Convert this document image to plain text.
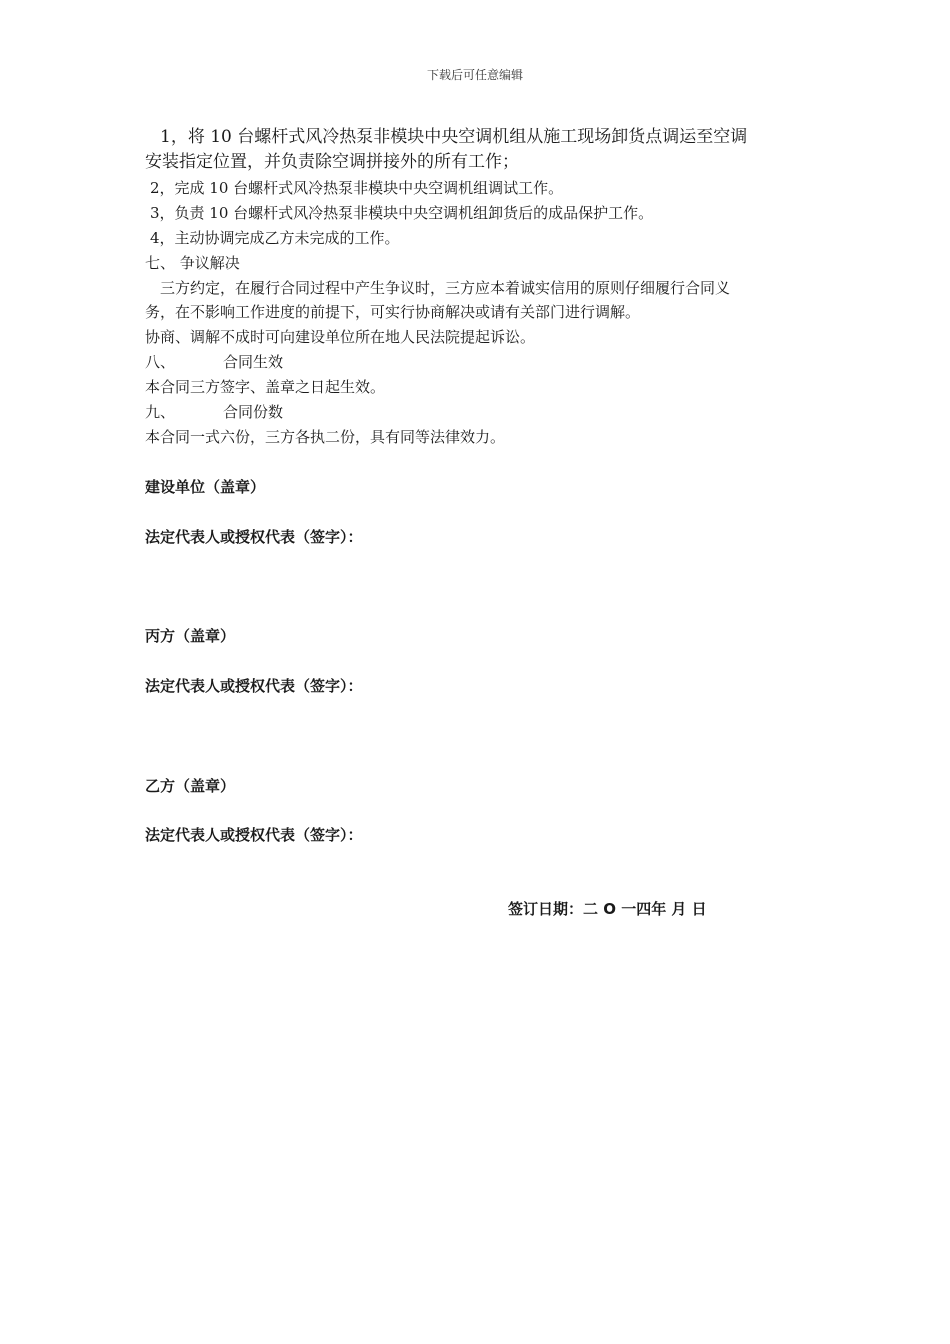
下载后可任意编辑
1，将 10 台螺杆式风冷热泵非模块中央空调机组从施工现场卸货点调运至空调
安装指定位置，并负责除空调拼接外的所有工作；
2，完成 10 台螺杆式风冷热泵非模块中央空调机组调试工作。
3，负责 10 台螺杆式风冷热泵非模块中央空调机组卸货后的成品保护工作。
4，主动协调完成乙方未完成的工作。
七、 争议解决
三方约定，在履行合同过程中产生争议时，三方应本着诚实信用的原则仔细履行合同义
务，在不影响工作进度的前提下，可实行协商解决或请有关部门进行调解。
协商、调解不成时可向建设单位所在地人民法院提起诉讼。
八、	合同生效
本合同三方签字、盖章之日起生效。
九、	合同份数
本合同一式六份，三方各执二份，具有同等法律效力。
建设单位（盖章）
法定代表人或授权代表（签字）：
丙方（盖章）
法定代表人或授权代表（签字）：
乙方（盖章）
法定代表人或授权代表（签字）：
签订日期：二 O 一四年 月 日
